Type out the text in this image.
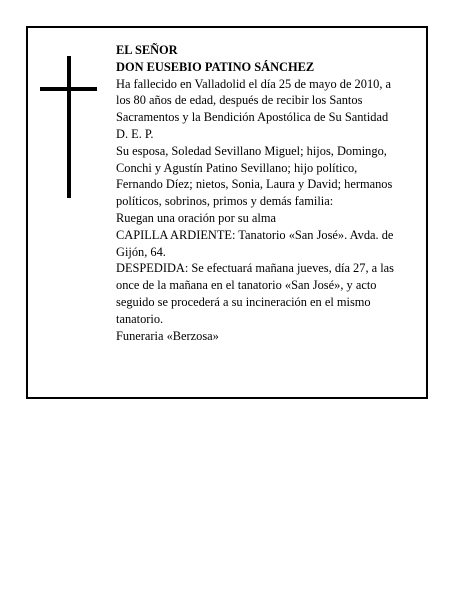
EL SEÑOR
DON EUSEBIO PATINO SÁNCHEZ
Ha fallecido en Valladolid el día 25 de mayo de 2010, a
los 80 años de edad, después de recibir los Santos
Sacramentos y la Bendición Apostólica de Su Santidad
D. E. P.
Su esposa, Soledad Sevillano Miguel; hijos, Domingo,
Conchi y Agustín Patino Sevillano; hijo político,
Fernando Díez; nietos, Sonia, Laura y David; hermanos
políticos, sobrinos, primos y demás familia:
Ruegan una oración por su alma
CAPILLA ARDIENTE: Tanatorio «San José». Avda. de
Gijón, 64.
DESPEDIDA: Se efectuará mañana jueves, día 27, a las
once de la mañana en el tanatorio «San José», y acto
seguido se procederá a su incineración en el mismo
tanatorio.
Funeraria «Berzosa»
